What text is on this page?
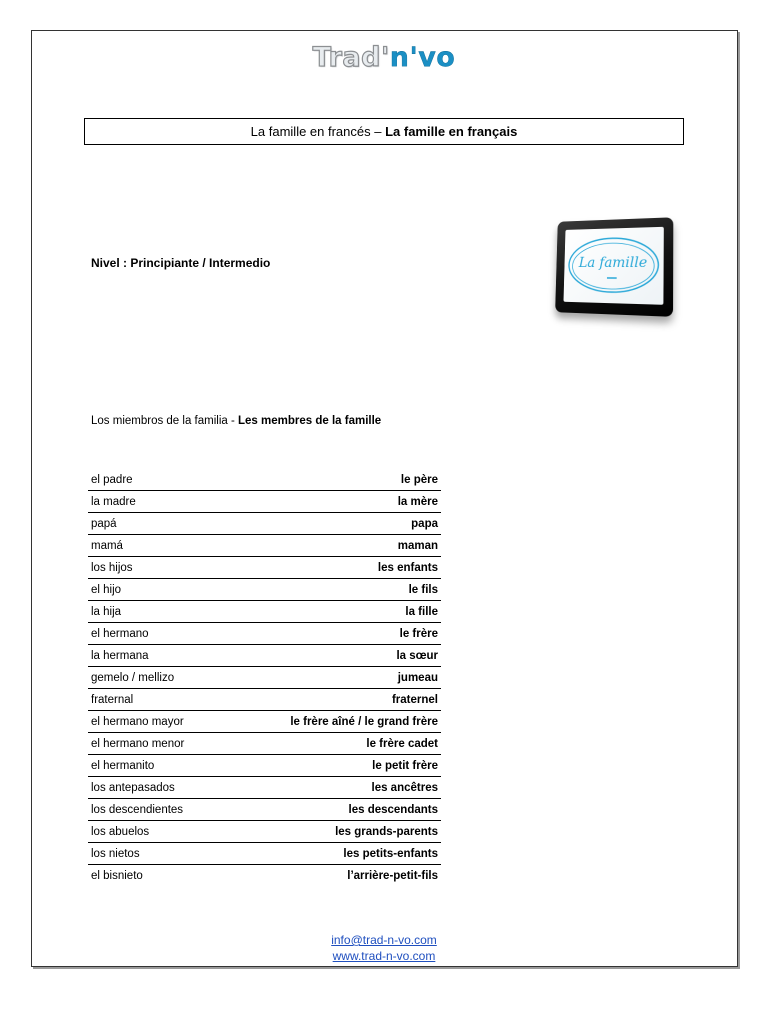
Trad'n'vo
La famille en francés – La famille en français
Nivel : Principiante / Intermedio	La famille
Los miembros de la familia - Les membres de la famille
el padre	le père
la madre	la mère
papá	papa
mamá	maman
los hijos	les enfants
el hijo	le fils
la hija	la fille
el hermano	le frère
la hermana	la sœur
gemelo / mellizo	jumeau
fraternal	fraternel
el hermano mayor	le frère aîné / le grand frère
el hermano menor	le frère cadet
el hermanito	le petit frère
los antepasados	les ancêtres
los descendientes	les descendants
los abuelos	les grands-parents
los nietos	les petits-enfants
el bisnieto	l’arrière-petit-fils
info@trad-n-vo.com
www.trad-n-vo.com
